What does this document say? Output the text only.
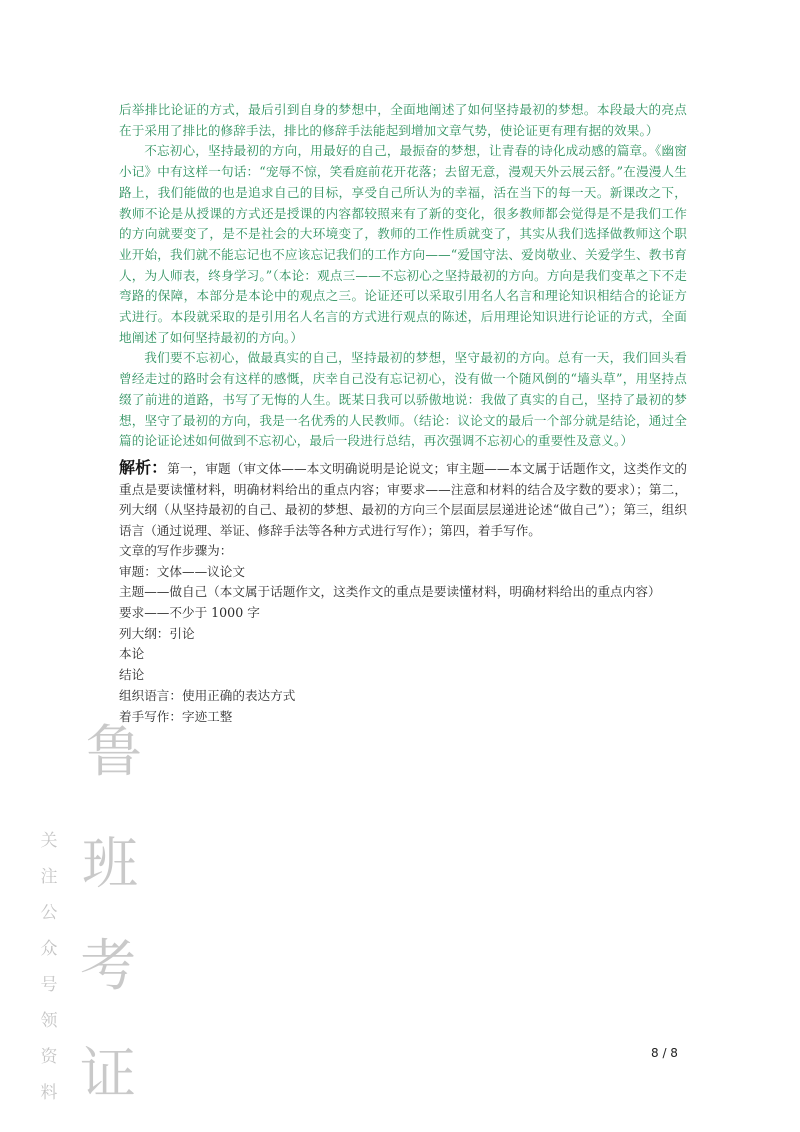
后举排比论证的方式，最后引到自身的梦想中，全面地阐述了如何坚持最初的梦想。本段最大的亮点在于采用了排比的修辞手法，排比的修辞手法能起到增加文章气势，使论证更有理有据的效果。）

不忘初心，坚持最初的方向，用最好的自己，最振奋的梦想，让青春的诗化成动感的篇章。《幽窗小记》中有这样一句话：“宠辱不惊，笑看庭前花开花落；去留无意，漫观天外云展云舒。”在漫漫人生路上，我们能做的也是追求自己的目标，享受自己所认为的幸福，活在当下的每一天。新课改之下，教师不论是从授课的方式还是授课的内容都较照来有了新的变化，很多教师都会觉得是不是我们工作的方向就要变了，是不是社会的大环境变了，教师的工作性质就变了，其实从我们选择做教师这个职业开始，我们就不能忘记也不应该忘记我们的工作方向——“爱国守法、爱岗敬业、关爱学生、教书育人，为人师表，终身学习。”（本论：观点三——不忘初心之坚持最初的方向。方向是我们变革之下不走弯路的保障，本部分是本论中的观点之三。论证还可以采取引用名人名言和理论知识相结合的论证方式进行。本段就采取的是引用名人名言的方式进行观点的陈述，后用理论知识进行论证的方式，全面地阐述了如何坚持最初的方向。）

我们要不忘初心，做最真实的自己，坚持最初的梦想，坚守最初的方向。总有一天，我们回头看曾经走过的路时会有这样的感慨，庆幸自己没有忘记初心，没有做一个随风倒的“墙头草”，用坚持点缀了前进的道路，书写了无悔的人生。既某日我可以骄傲地说：我做了真实的自己，坚持了最初的梦想，坚守了最初的方向，我是一名优秀的人民教师。（结论：议论文的最后一个部分就是结论，通过全篇的论证论述如何做到不忘初心，最后一段进行总结，再次强调不忘初心的重要性及意义。）

解析：第一，审题（审文体——本文明确说明是论说文；审主题——本文属于话题作文，这类作文的重点是要读懂材料，明确材料给出的重点内容；审要求——注意和材料的结合及字数的要求）；第二，列大纲（从坚持最初的自己、最初的梦想、最初的方向三个层面层层递进论述“做自己”）；第三，组织语言（通过说理、举证、修辞手法等各种方式进行写作）；第四，着手写作。
文章的写作步骤为：
审题：文体——议论文
主题——做自己（本文属于话题作文，这类作文的重点是要读懂材料，明确材料给出的重点内容）
要求——不少于 1000 字
列大纲：引论
本论
结论
组织语言：使用正确的表达方式
着手写作：字迹工整
鲁
班
考
证
关
注
公
众
号
领
资
料
8 / 8
